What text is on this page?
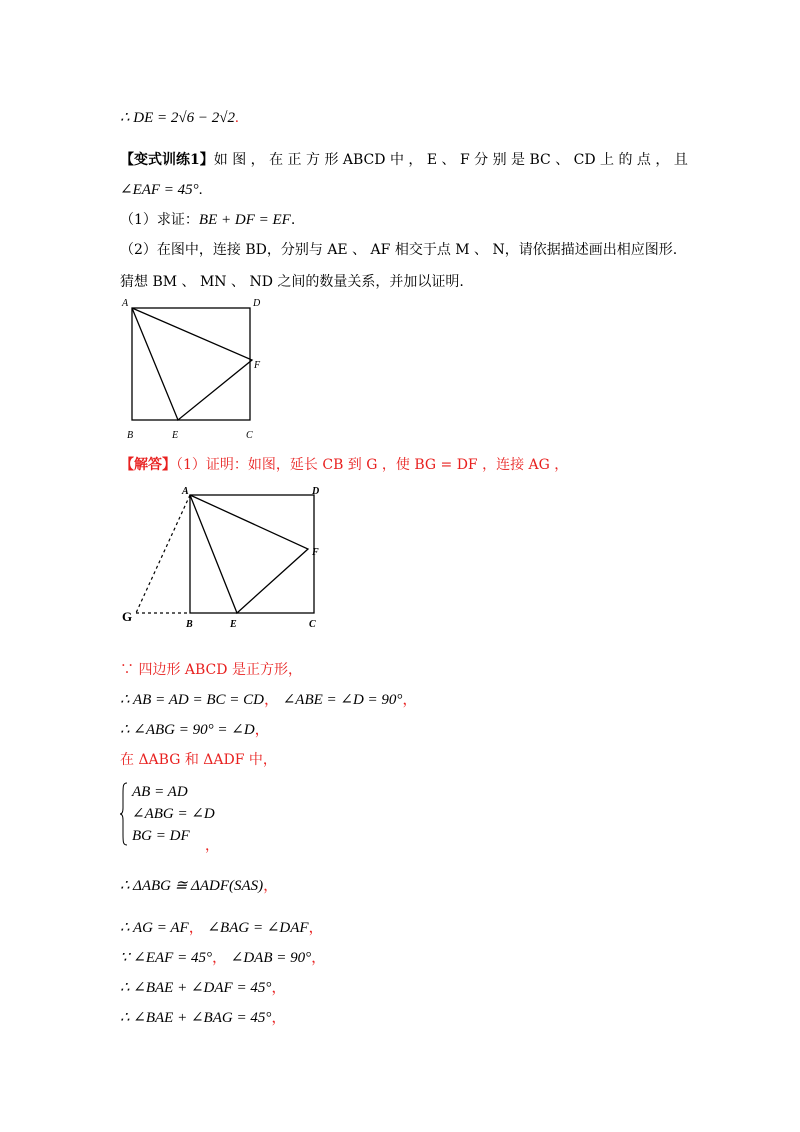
∴ DE = 2√6 − 2√2.
【变式训练1】如 图 ， 在 正 方 形 ABCD 中 ， E 、 F 分 别 是 BC 、 CD 上 的 点 ， 且
∠EAF = 45°.
（1）求证：BE + DF = EF.
（2）在图中，连接 BD，分别与 AE 、 AF 相交于点 M 、 N，请依据描述画出相应图形.
猜想 BM 、 MN 、 ND 之间的数量关系，并加以证明.
A	D
F
B	E	C
【解答】（1）证明：如图，延长 CB 到 G ，使 BG = DF ，连接 AG ，
A	D
F
G
B	E	C
∵ 四边形 ABCD 是正方形，
∴ AB = AD = BC = CD， ∠ABE = ∠D = 90°，
∴ ∠ABG = 90° = ∠D，
在 ΔABG 和 ΔADF 中，
AB = AD
∠ABG = ∠D
BG = DF
，
∴ ΔABG ≅ ΔADF(SAS)，
∴ AG = AF， ∠BAG = ∠DAF，
∵ ∠EAF = 45°， ∠DAB = 90°，
∴ ∠BAE + ∠DAF = 45°，
∴ ∠BAE + ∠BAG = 45°，
